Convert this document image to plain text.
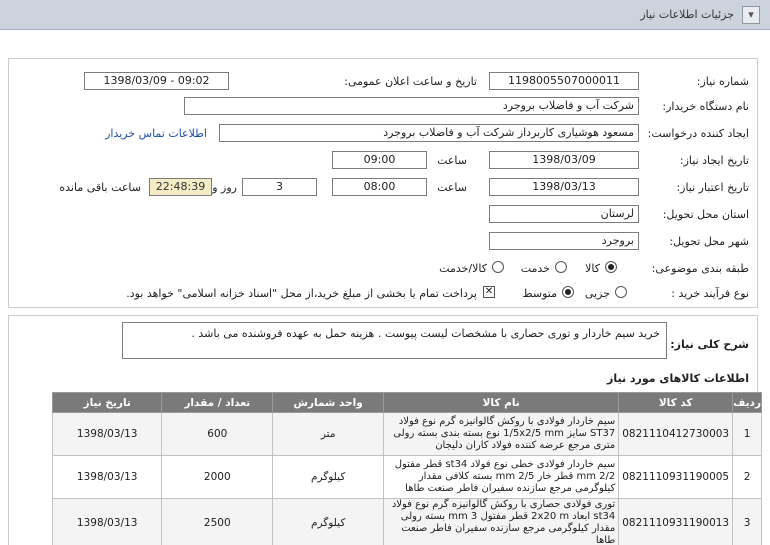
▾
جزئیات اطلاعات نیاز
شماره نیاز:
1198005507000011
تاریخ و ساعت اعلان عمومی:
1398/03/09 - 09:02
نام دستگاه خریدار:
شرکت آب و فاضلاب بروجرد
ایجاد کننده درخواست:
مسعود هوشیاری کاربرداز شرکت آب و فاضلاب بروجرد
اطلاعات تماس خریدار
تاریخ ایجاد نیاز:
1398/03/09
ساعت
09:00
تاریخ اعتبار نیاز:
1398/03/13
ساعت
08:00
3
روز و
22:48:39
ساعت باقی مانده
استان محل تحویل:
لرستان
شهر محل تحویل:
بروجرد
طبقه بندی موضوعی:
کالا
خدمت
کالا/خدمت
نوع فرآیند خرید :
جزیی
متوسط
✕
پرداخت تمام یا بخشی از مبلغ خرید،از محل "اسناد خزانه اسلامی" خواهد بود.
شرح کلی نیاز:
خرید سیم خاردار و توری حصاری با مشخصات لیست پیوست . هزینه حمل به عهده فروشنده می باشد .
اطلاعات کالاهای مورد نیاز
ردیف	کد کالا	نام کالا	واحد شمارش	تعداد / مقدار	تاریخ نیاز
1	0821110412730003	سیم خاردار فولادی با روکش گالوانیزه گرم نوع فولاد ST37 سایز 1/5x2/5 mm نوع بسته بندی بسته رولی متری مرجع عرضه کننده فولاد کاران دلیجان	متر	600	1398/03/13
2	0821110931190005	سیم خاردار فولادی خطی نوع فولاد st34 قطر مفتول 2/2 mm قطر خار 2/5 mm بسته کلافی مقدار کیلوگرمی مرجع سازنده سفیران فاطر صنعت طاها	کیلوگرم	2000	1398/03/13
3	0821110931190013	توری فولادی حصاری با روکش گالوانیزه گرم نوع فولاد st34 ابعاد 2x20 m قطر مفتول 3 mm بسته رولی مقدار کیلوگرمی مرجع سازنده سفیران فاطر صنعت طاها	کیلوگرم	2500	1398/03/13
